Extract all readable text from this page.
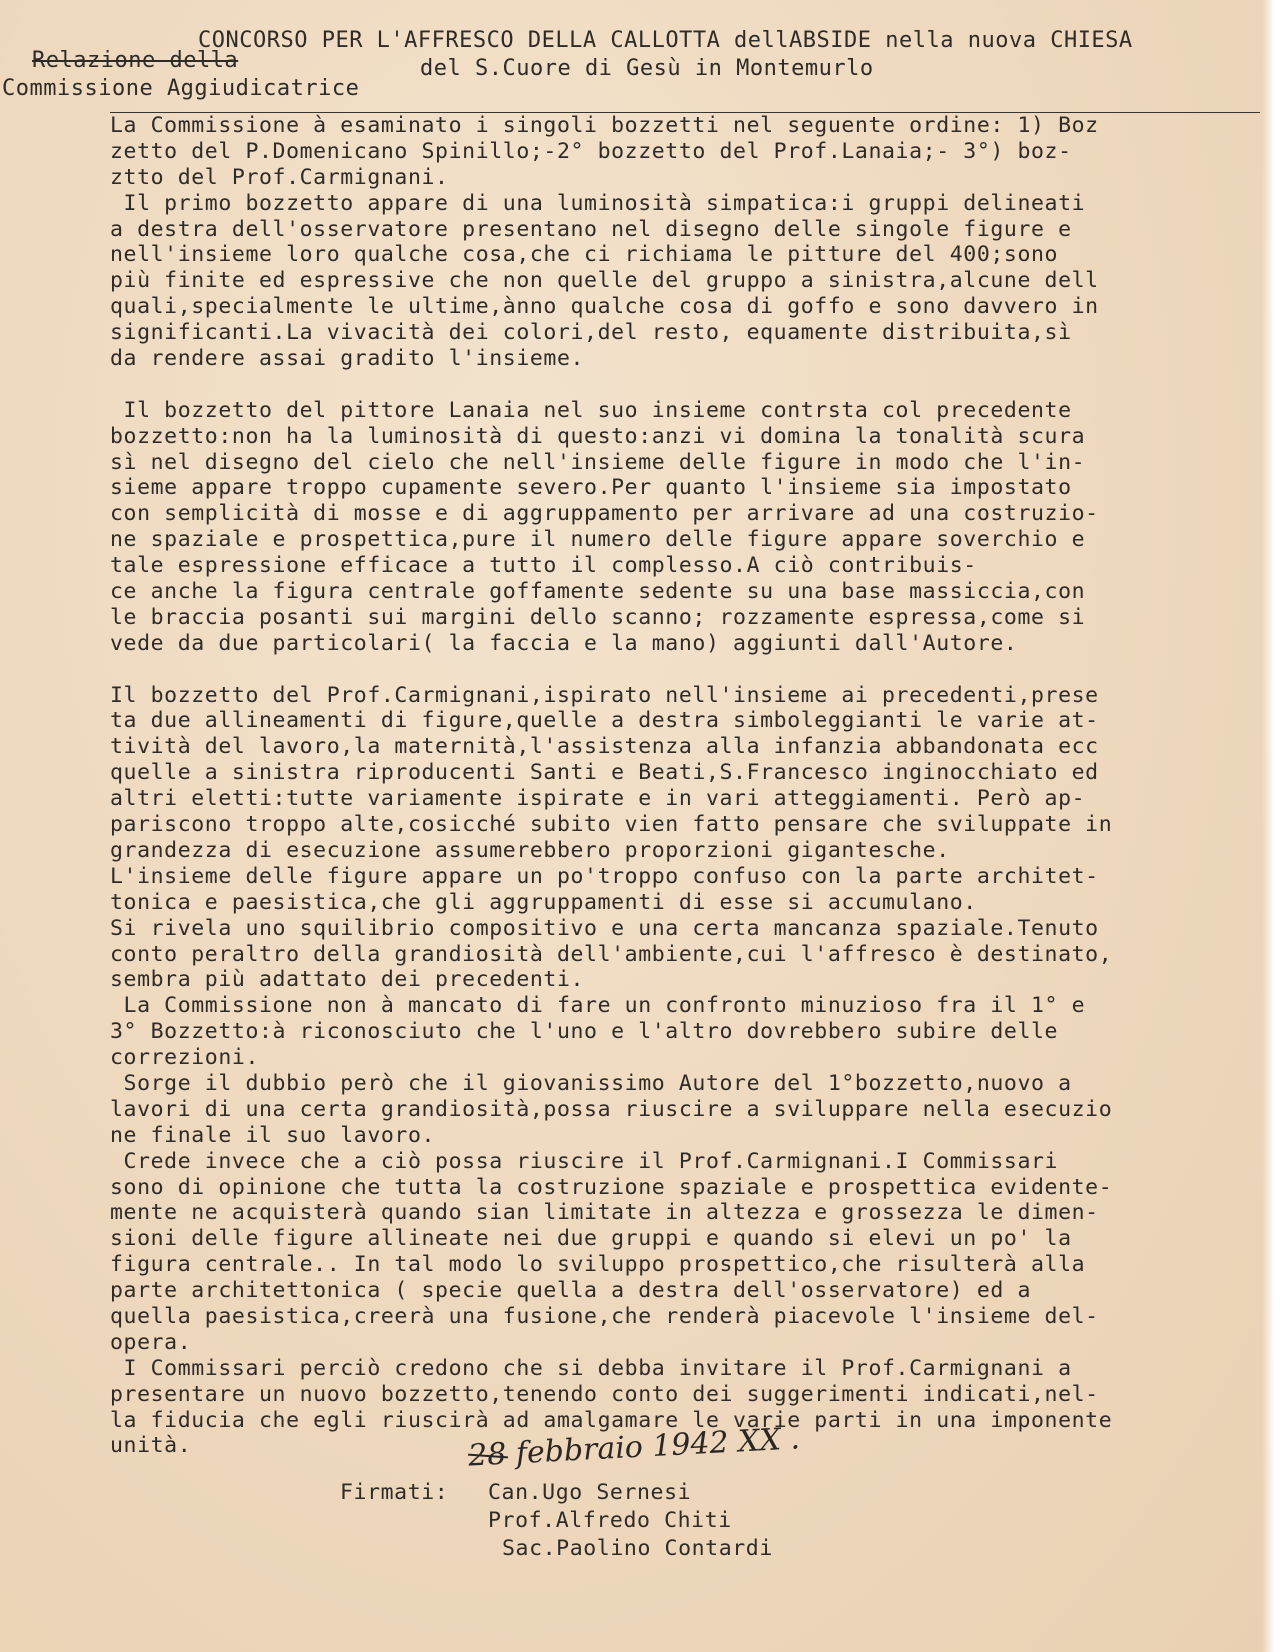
CONCORSO PER L'AFFRESCO DELLA CALLOTTA dellABSIDE nella nuova CHIESA
Relazione della	del S.Cuore di Gesù in Montemurlo
Commissione Aggiudicatrice
La Commissione à esaminato i singoli bozzetti nel seguente ordine: 1) Boz
zetto del P.Domenicano Spinillo;-2° bozzetto del Prof.Lanaia;- 3°) boz-
ztto del Prof.Carmignani.
Il primo bozzetto appare di una luminosità simpatica:i gruppi delineati
a destra dell'osservatore presentano nel disegno delle singole figure e
nell'insieme loro qualche cosa,che ci richiama le pitture del 400;sono
più finite ed espressive che non quelle del gruppo a sinistra,alcune dell
quali,specialmente le ultime,ànno qualche cosa di goffo e sono davvero in
significanti.La vivacità dei colori,del resto, equamente distribuita,sì
da rendere assai gradito l'insieme.
Il bozzetto del pittore Lanaia nel suo insieme contrsta col precedente
bozzetto:non ha la luminosità di questo:anzi vi domina la tonalità scura
sì nel disegno del cielo che nell'insieme delle figure in modo che l'in-
sieme appare troppo cupamente severo.Per quanto l'insieme sia impostato
con semplicità di mosse e di aggruppamento per arrivare ad una costruzio-
ne spaziale e prospettica,pure il numero delle figure appare soverchio e
tale espressione efficace a tutto il complesso.A ciò contribuis-
ce anche la figura centrale goffamente sedente su una base massiccia,con
le braccia posanti sui margini dello scanno; rozzamente espressa,come si
vede da due particolari( la faccia e la mano) aggiunti dall'Autore.
Il bozzetto del Prof.Carmignani,ispirato nell'insieme ai precedenti,prese
ta due allineamenti di figure,quelle a destra simboleggianti le varie at-
tività del lavoro,la maternità,l'assistenza alla infanzia abbandonata ecc
quelle a sinistra riproducenti Santi e Beati,S.Francesco inginocchiato ed
altri eletti:tutte variamente ispirate e in vari atteggiamenti. Però ap-
pariscono troppo alte,cosicché subito vien fatto pensare che sviluppate in
grandezza di esecuzione assumerebbero proporzioni gigantesche.
L'insieme delle figure appare un po'troppo confuso con la parte architet-
tonica e paesistica,che gli aggruppamenti di esse si accumulano.
Si rivela uno squilibrio compositivo e una certa mancanza spaziale.Tenuto
conto peraltro della grandiosità dell'ambiente,cui l'affresco è destinato,
sembra più adattato dei precedenti.
La Commissione non à mancato di fare un confronto minuzioso fra il 1° e
3° Bozzetto:à riconosciuto che l'uno e l'altro dovrebbero subire delle
correzioni.
Sorge il dubbio però che il giovanissimo Autore del 1°bozzetto,nuovo a
lavori di una certa grandiosità,possa riuscire a sviluppare nella esecuzio
ne finale il suo lavoro.
Crede invece che a ciò possa riuscire il Prof.Carmignani.I Commissari
sono di opinione che tutta la costruzione spaziale e prospettica evidente-
mente ne acquisterà quando sian limitate in altezza e grossezza le dimen-
sioni delle figure allineate nei due gruppi e quando si elevi un po' la
figura centrale.. In tal modo lo sviluppo prospettico,che risulterà alla
parte architettonica ( specie quella a destra dell'osservatore) ed a
quella paesistica,creerà una fusione,che renderà piacevole l'insieme del-
opera.
I Commissari perciò credono che si debba invitare il Prof.Carmignani a
presentare un nuovo bozzetto,tenendo conto dei suggerimenti indicati,nel-
la fiducia che egli riuscirà ad amalgamare le varie parti in una imponente
unità.	28 febbraio 1942 XX .
Firmati: Can.Ugo Sernesi
Prof.Alfredo Chiti
Sac.Paolino Contardi
